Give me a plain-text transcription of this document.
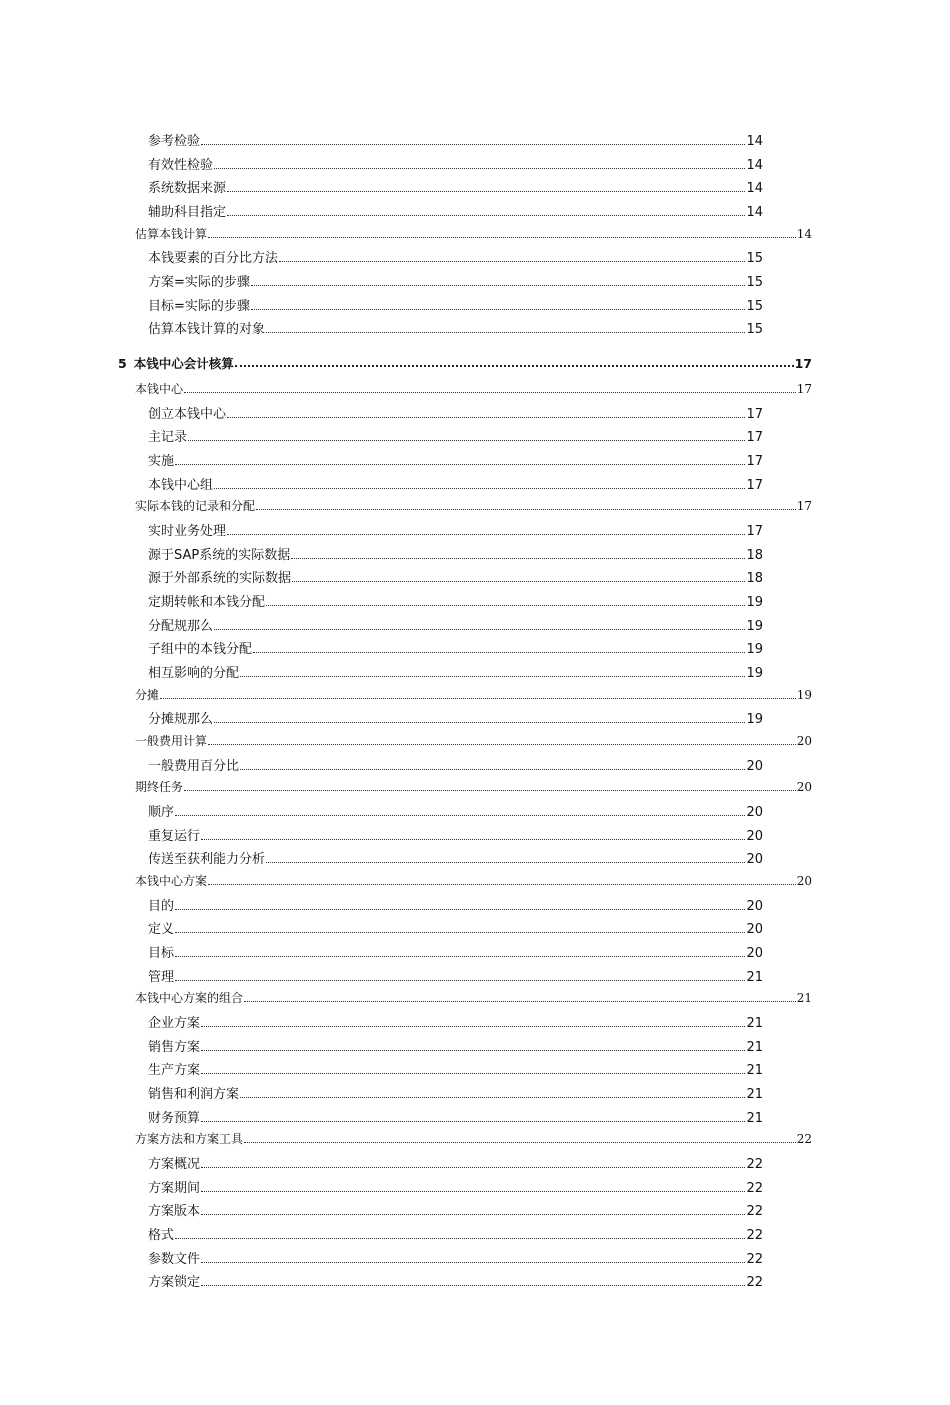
参考检验	14
有效性检验	14
系统数据来源	14
辅助科目指定	14
估算本钱计算	14
本钱要素的百分比方法	15
方案=实际的步骤	15
目标=实际的步骤	15
估算本钱计算的对象	15
5 本钱中心会计核算	17
本钱中心	17
创立本钱中心	17
主记录	17
实施	17
本钱中心组	17
实际本钱的记录和分配	17
实时业务处理	17
源于SAP系统的实际数据	18
源于外部系统的实际数据	18
定期转帐和本钱分配	19
分配规那么	19
子组中的本钱分配	19
相互影响的分配	19
分摊	19
分摊规那么	19
一般费用计算	20
一般费用百分比	20
期终任务	20
顺序	20
重复运行	20
传送至获利能力分析	20
本钱中心方案	20
目的	20
定义	20
目标	20
管理	21
本钱中心方案的组合	21
企业方案	21
销售方案	21
生产方案	21
销售和利润方案	21
财务预算	21
方案方法和方案工具	22
方案概况	22
方案期间	22
方案版本	22
格式	22
参数文件	22
方案锁定	22
